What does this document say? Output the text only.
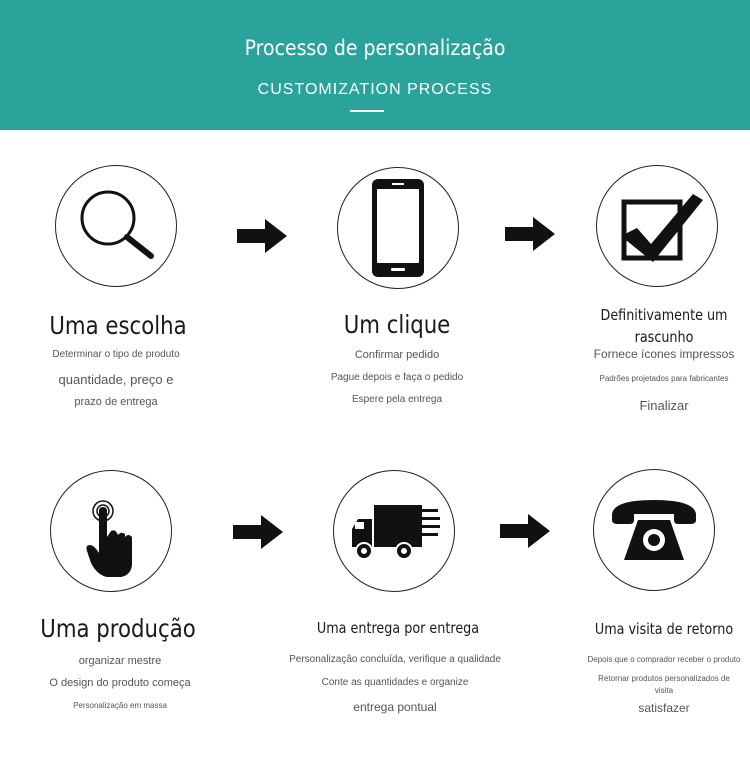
Processo de personalização
CUSTOMIZATION PROCESS
Uma escolha
Determinar o tipo de produto
quantidade, preço e
prazo de entrega
Um clique
Confirmar pedido
Pague depois e faça o pedido
Espere pela entrega
Definitivamente um
rascunho
Fornece ícones impressos
Padrões projetados para fabricantes
Finalizar
Uma produção
organizar mestre
O design do produto começa
Personalização em massa
Uma entrega por entrega
Personalização concluída, verifique a qualidade
Conte as quantidades e organize
entrega pontual
Uma visita de retorno
Depois que o comprador receber o produto
Retornar produtos personalizados de visita
satisfazer
